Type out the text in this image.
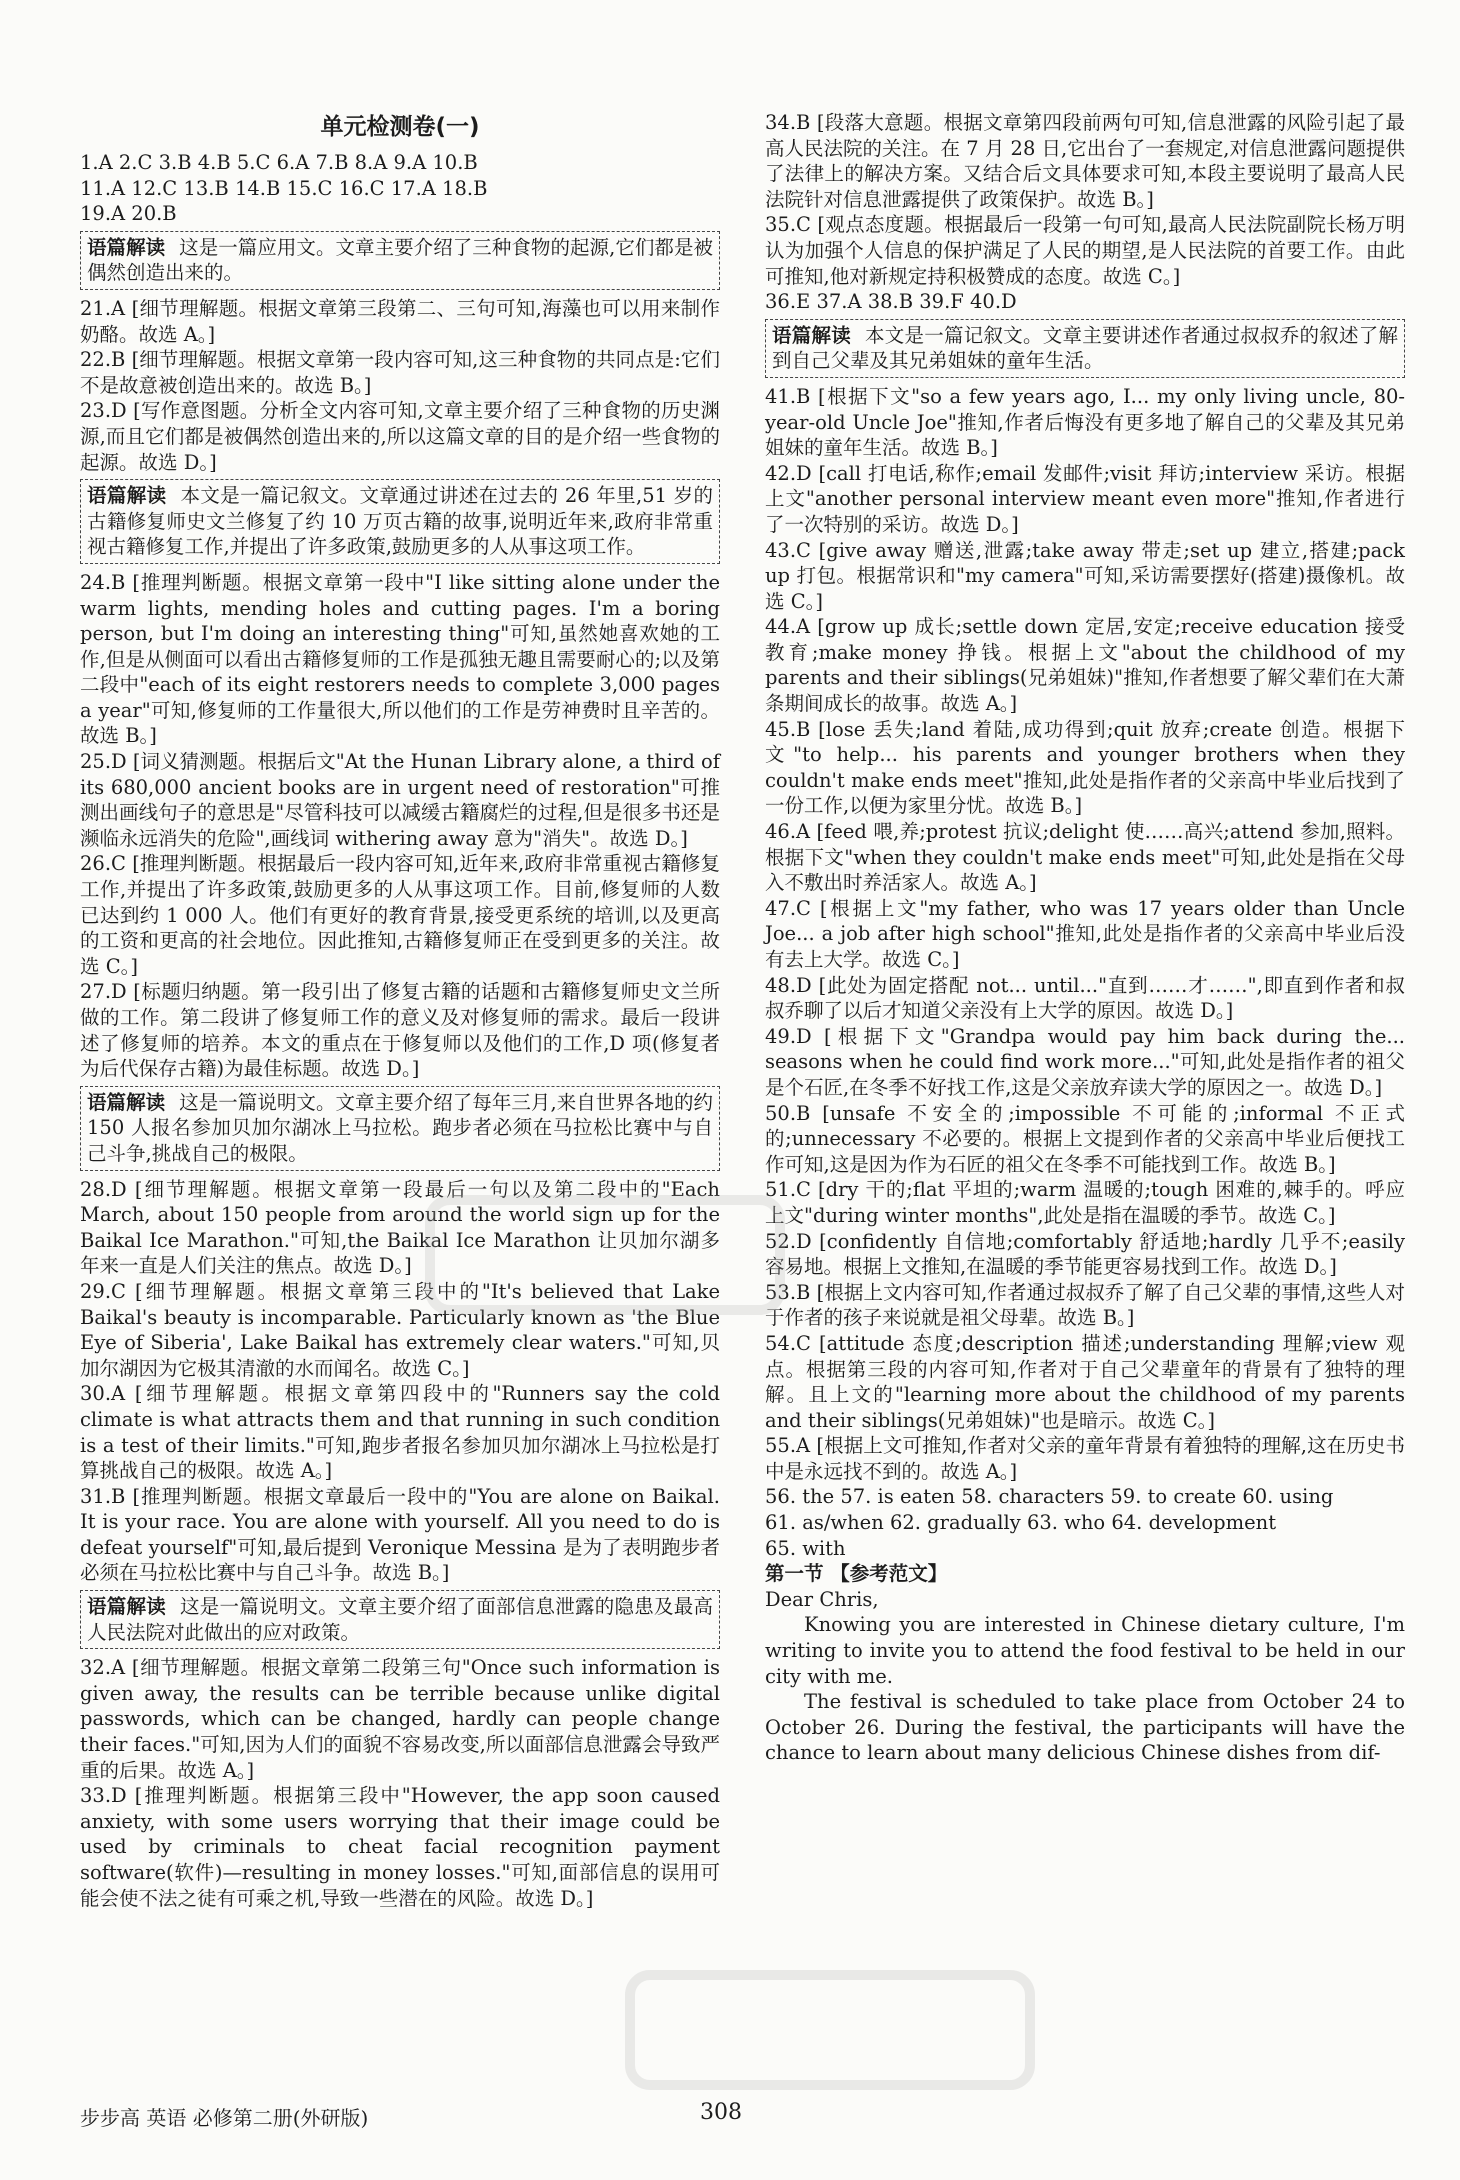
单元检测卷(一)

1.A 2.C 3.B 4.B 5.C 6.A 7.B 8.A 9.A 10.B

11.A 12.C 13.B 14.B 15.C 16.C 17.A 18.B

19.A 20.B

语篇解读 这是一篇应用文。文章主要介绍了三种食物的起源,它们都是被偶然创造出来的。

21.A [细节理解题。根据文章第三段第二、三句可知,海藻也可以用来制作奶酪。故选 A。]

22.B [细节理解题。根据文章第一段内容可知,这三种食物的共同点是:它们不是故意被创造出来的。故选 B。]

23.D [写作意图题。分析全文内容可知,文章主要介绍了三种食物的历史渊源,而且它们都是被偶然创造出来的,所以这篇文章的目的是介绍一些食物的起源。故选 D。]

语篇解读 本文是一篇记叙文。文章通过讲述在过去的 26 年里,51 岁的古籍修复师史文兰修复了约 10 万页古籍的故事,说明近年来,政府非常重视古籍修复工作,并提出了许多政策,鼓励更多的人从事这项工作。

24.B [推理判断题。根据文章第一段中"I like sitting alone under the warm lights, mending holes and cutting pages. I'm a boring person, but I'm doing an interesting thing"可知,虽然她喜欢她的工作,但是从侧面可以看出古籍修复师的工作是孤独无趣且需要耐心的;以及第二段中"each of its eight restorers needs to complete 3,000 pages a year"可知,修复师的工作量很大,所以他们的工作是劳神费时且辛苦的。故选 B。]

25.D [词义猜测题。根据后文"At the Hunan Library alone, a third of its 680,000 ancient books are in urgent need of restoration"可推测出画线句子的意思是"尽管科技可以减缓古籍腐烂的过程,但是很多书还是濒临永远消失的危险",画线词 withering away 意为"消失"。故选 D。]

26.C [推理判断题。根据最后一段内容可知,近年来,政府非常重视古籍修复工作,并提出了许多政策,鼓励更多的人从事这项工作。目前,修复师的人数已达到约 1 000 人。他们有更好的教育背景,接受更系统的培训,以及更高的工资和更高的社会地位。因此推知,古籍修复师正在受到更多的关注。故选 C。]

27.D [标题归纳题。第一段引出了修复古籍的话题和古籍修复师史文兰所做的工作。第二段讲了修复师工作的意义及对修复师的需求。最后一段讲述了修复师的培养。本文的重点在于修复师以及他们的工作,D 项(修复者为后代保存古籍)为最佳标题。故选 D。]

语篇解读 这是一篇说明文。文章主要介绍了每年三月,来自世界各地的约 150 人报名参加贝加尔湖冰上马拉松。跑步者必须在马拉松比赛中与自己斗争,挑战自己的极限。

28.D [细节理解题。根据文章第一段最后一句以及第二段中的"Each March, about 150 people from around the world sign up for the Baikal Ice Marathon."可知,the Baikal Ice Marathon 让贝加尔湖多年来一直是人们关注的焦点。故选 D。]

29.C [细节理解题。根据文章第三段中的"It's believed that Lake Baikal's beauty is incomparable. Particularly known as 'the Blue Eye of Siberia', Lake Baikal has extremely clear waters."可知,贝加尔湖因为它极其清澈的水而闻名。故选 C。]

30.A [细节理解题。根据文章第四段中的"Runners say the cold climate is what attracts them and that running in such condition is a test of their limits."可知,跑步者报名参加贝加尔湖冰上马拉松是打算挑战自己的极限。故选 A。]

31.B [推理判断题。根据文章最后一段中的"You are alone on Baikal. It is your race. You are alone with yourself. All you need to do is defeat yourself"可知,最后提到 Veronique Messina 是为了表明跑步者必须在马拉松比赛中与自己斗争。故选 B。]

语篇解读 这是一篇说明文。文章主要介绍了面部信息泄露的隐患及最高人民法院对此做出的应对政策。

32.A [细节理解题。根据文章第二段第三句"Once such information is given away, the results can be terrible because unlike digital passwords, which can be changed, hardly can people change their faces."可知,因为人们的面貌不容易改变,所以面部信息泄露会导致严重的后果。故选 A。]

33.D [推理判断题。根据第三段中"However, the app soon caused anxiety, with some users worrying that their image could be used by criminals to cheat facial recognition payment software(软件)—resulting in money losses."可知,面部信息的误用可能会使不法之徒有可乘之机,导致一些潜在的风险。故选 D。]

34.B [段落大意题。根据文章第四段前两句可知,信息泄露的风险引起了最高人民法院的关注。在 7 月 28 日,它出台了一套规定,对信息泄露问题提供了法律上的解决方案。又结合后文具体要求可知,本段主要说明了最高人民法院针对信息泄露提供了政策保护。故选 B。]

35.C [观点态度题。根据最后一段第一句可知,最高人民法院副院长杨万明认为加强个人信息的保护满足了人民的期望,是人民法院的首要工作。由此可推知,他对新规定持积极赞成的态度。故选 C。]

36.E 37.A 38.B 39.F 40.D

语篇解读 本文是一篇记叙文。文章主要讲述作者通过叔叔乔的叙述了解到自己父辈及其兄弟姐妹的童年生活。

41.B [根据下文"so a few years ago, I... my only living uncle, 80-year-old Uncle Joe"推知,作者后悔没有更多地了解自己的父辈及其兄弟姐妹的童年生活。故选 B。]

42.D [call 打电话,称作;email 发邮件;visit 拜访;interview 采访。根据上文"another personal interview meant even more"推知,作者进行了一次特别的采访。故选 D。]

43.C [give away 赠送,泄露;take away 带走;set up 建立,搭建;pack up 打包。根据常识和"my camera"可知,采访需要摆好(搭建)摄像机。故选 C。]

44.A [grow up 成长;settle down 定居,安定;receive education 接受教育;make money 挣钱。根据上文"about the childhood of my parents and their siblings(兄弟姐妹)"推知,作者想要了解父辈们在大萧条期间成长的故事。故选 A。]

45.B [lose 丢失;land 着陆,成功得到;quit 放弃;create 创造。根据下文"to help... his parents and younger brothers when they couldn't make ends meet"推知,此处是指作者的父亲高中毕业后找到了一份工作,以便为家里分忧。故选 B。]

46.A [feed 喂,养;protest 抗议;delight 使……高兴;attend 参加,照料。根据下文"when they couldn't make ends meet"可知,此处是指在父母入不敷出时养活家人。故选 A。]

47.C [根据上文"my father, who was 17 years older than Uncle Joe... a job after high school"推知,此处是指作者的父亲高中毕业后没有去上大学。故选 C。]

48.D [此处为固定搭配 not... until..."直到……才……",即直到作者和叔叔乔聊了以后才知道父亲没有上大学的原因。故选 D。]

49.D [根据下文"Grandpa would pay him back during the... seasons when he could find work more..."可知,此处是指作者的祖父是个石匠,在冬季不好找工作,这是父亲放弃读大学的原因之一。故选 D。]

50.B [unsafe 不安全的;impossible 不可能的;informal 不正式的;unnecessary 不必要的。根据上文提到作者的父亲高中毕业后便找工作可知,这是因为作为石匠的祖父在冬季不可能找到工作。故选 B。]

51.C [dry 干的;flat 平坦的;warm 温暖的;tough 困难的,棘手的。呼应上文"during winter months",此处是指在温暖的季节。故选 C。]

52.D [confidently 自信地;comfortably 舒适地;hardly 几乎不;easily 容易地。根据上文推知,在温暖的季节能更容易找到工作。故选 D。]

53.B [根据上文内容可知,作者通过叔叔乔了解了自己父辈的事情,这些人对于作者的孩子来说就是祖父母辈。故选 B。]

54.C [attitude 态度;description 描述;understanding 理解;view 观点。根据第三段的内容可知,作者对于自己父辈童年的背景有了独特的理解。且上文的"learning more about the childhood of my parents and their siblings(兄弟姐妹)"也是暗示。故选 C。]

55.A [根据上文可推知,作者对父亲的童年背景有着独特的理解,这在历史书中是永远找不到的。故选 A。]

56. the 57. is eaten 58. characters 59. to create 60. using

61. as/when 62. gradually 63. who 64. development

65. with

第一节 【参考范文】

Dear Chris,

Knowing you are interested in Chinese dietary culture, I'm writing to invite you to attend the food festival to be held in our city with me.

The festival is scheduled to take place from October 24 to October 26. During the festival, the participants will have the chance to learn about many delicious Chinese dishes from dif-

步步高 英语 必修第二册(外研版)	308
